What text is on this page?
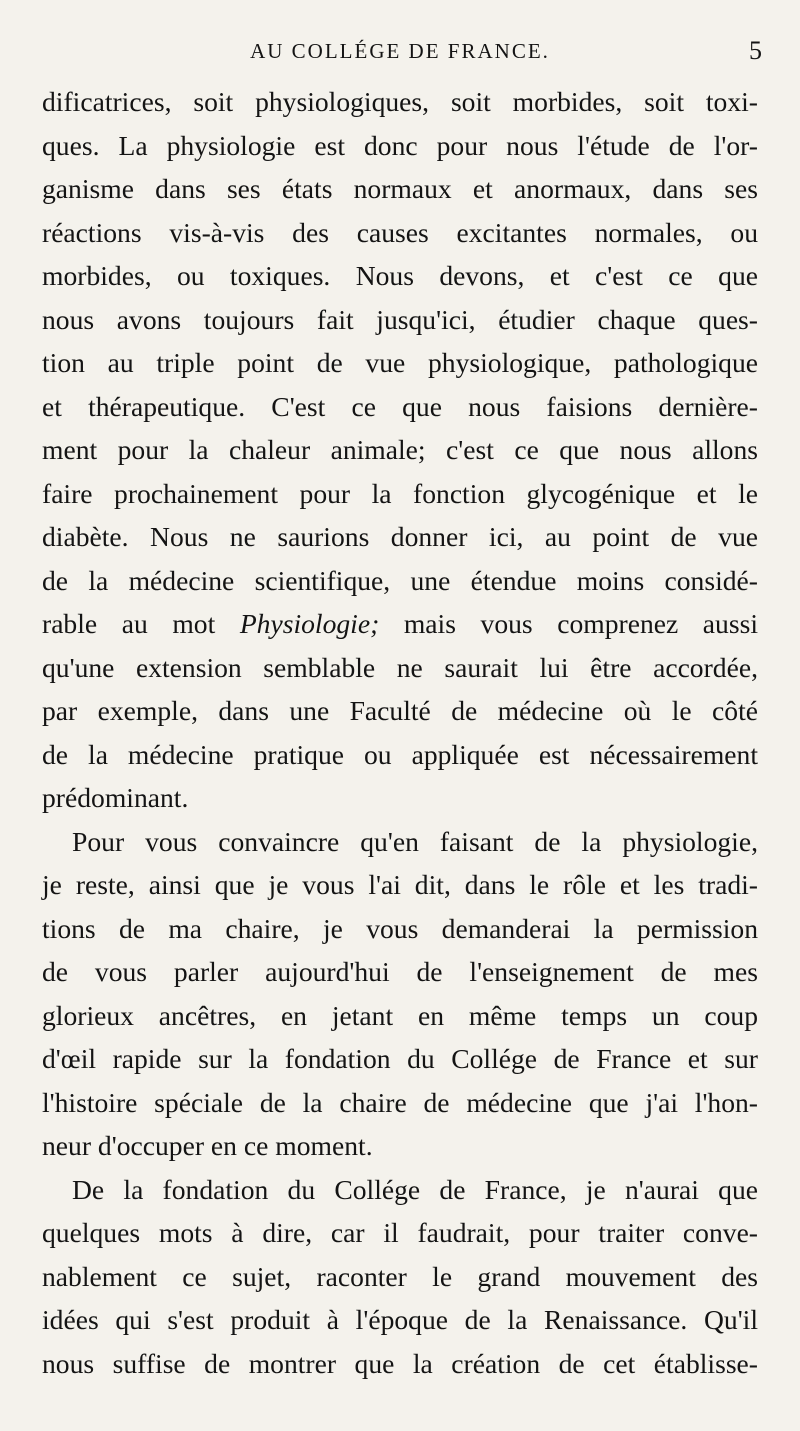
AU COLLÉGE DE FRANCE.	5
dificatrices, soit physiologiques, soit morbides, soit toxi-
ques. La physiologie est donc pour nous l'étude de l'or-
ganisme dans ses états normaux et anormaux, dans ses
réactions vis-à-vis des causes excitantes normales, ou
morbides, ou toxiques. Nous devons, et c'est ce que
nous avons toujours fait jusqu'ici, étudier chaque ques-
tion au triple point de vue physiologique, pathologique
et thérapeutique. C'est ce que nous faisions dernière-
ment pour la chaleur animale; c'est ce que nous allons
faire prochainement pour la fonction glycogénique et le
diabète. Nous ne saurions donner ici, au point de vue
de la médecine scientifique, une étendue moins considé-
rable au mot Physiologie; mais vous comprenez aussi
qu'une extension semblable ne saurait lui être accordée,
par exemple, dans une Faculté de médecine où le côté
de la médecine pratique ou appliquée est nécessairement
prédominant.
Pour vous convaincre qu'en faisant de la physiologie,
je reste, ainsi que je vous l'ai dit, dans le rôle et les tradi-
tions de ma chaire, je vous demanderai la permission
de vous parler aujourd'hui de l'enseignement de mes
glorieux ancêtres, en jetant en même temps un coup
d'œil rapide sur la fondation du Collége de France et sur
l'histoire spéciale de la chaire de médecine que j'ai l'hon-
neur d'occuper en ce moment.
De la fondation du Collége de France, je n'aurai que
quelques mots à dire, car il faudrait, pour traiter conve-
nablement ce sujet, raconter le grand mouvement des
idées qui s'est produit à l'époque de la Renaissance. Qu'il
nous suffise de montrer que la création de cet établisse-
